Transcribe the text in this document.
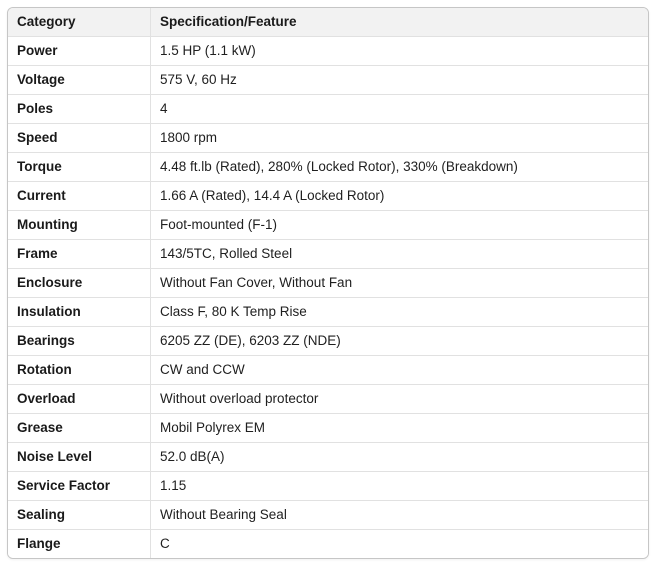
Category	Specification/Feature
Power	1.5 HP (1.1 kW)
Voltage	575 V, 60 Hz
Poles	4
Speed	1800 rpm
Torque	4.48 ft.lb (Rated), 280% (Locked Rotor), 330% (Breakdown)
Current	1.66 A (Rated), 14.4 A (Locked Rotor)
Mounting	Foot-mounted (F-1)
Frame	143/5TC, Rolled Steel
Enclosure	Without Fan Cover, Without Fan
Insulation	Class F, 80 K Temp Rise
Bearings	6205 ZZ (DE), 6203 ZZ (NDE)
Rotation	CW and CCW
Overload	Without overload protector
Grease	Mobil Polyrex EM
Noise Level	52.0 dB(A)
Service Factor	1.15
Sealing	Without Bearing Seal
Flange	C
